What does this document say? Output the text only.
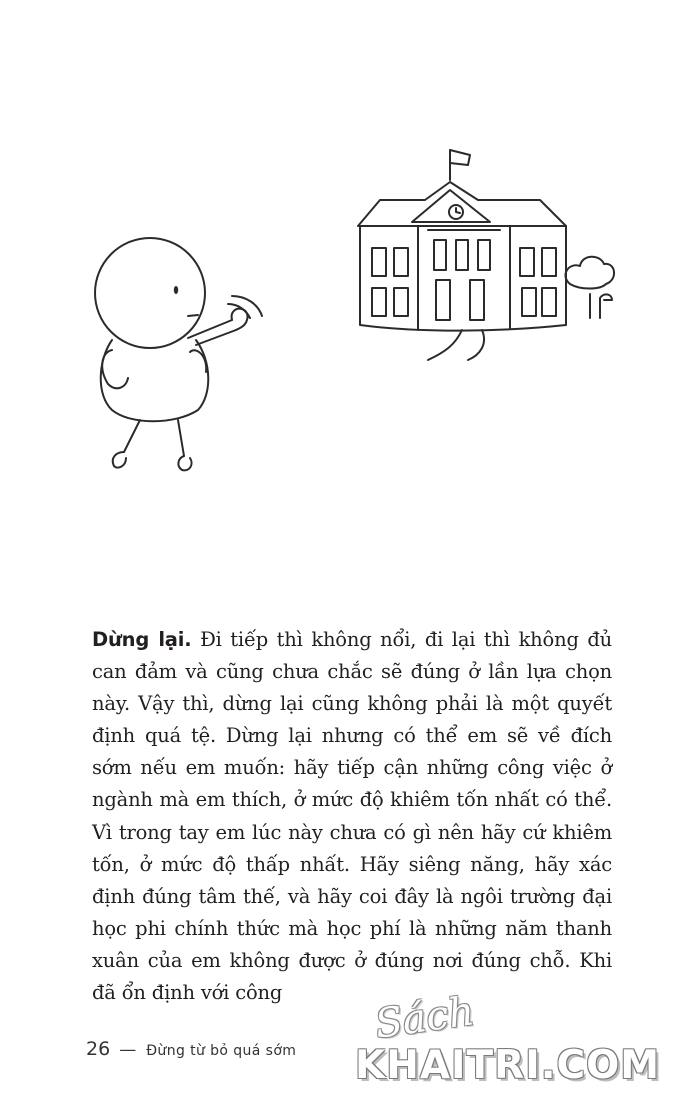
Dừng lại. Đi tiếp thì không nổi, đi lại thì không đủ can đảm và cũng chưa chắc sẽ đúng ở lần lựa chọn này. Vậy thì, dừng lại cũng không phải là một quyết định quá tệ. Dừng lại nhưng có thể em sẽ về đích sớm nếu em muốn: hãy tiếp cận những công việc ở ngành mà em thích, ở mức độ khiêm tốn nhất có thể. Vì trong tay em lúc này chưa có gì nên hãy cứ khiêm tốn, ở mức độ thấp nhất. Hãy siêng năng, hãy xác định đúng tâm thế, và hãy coi đây là ngôi trường đại học phi chính thức mà học phí là những năm thanh xuân của em không được ở đúng nơi đúng chỗ. Khi đã ổn định với công
26 — Đừng từ bỏ quá sớm
Sách
KHAITRI.COM
